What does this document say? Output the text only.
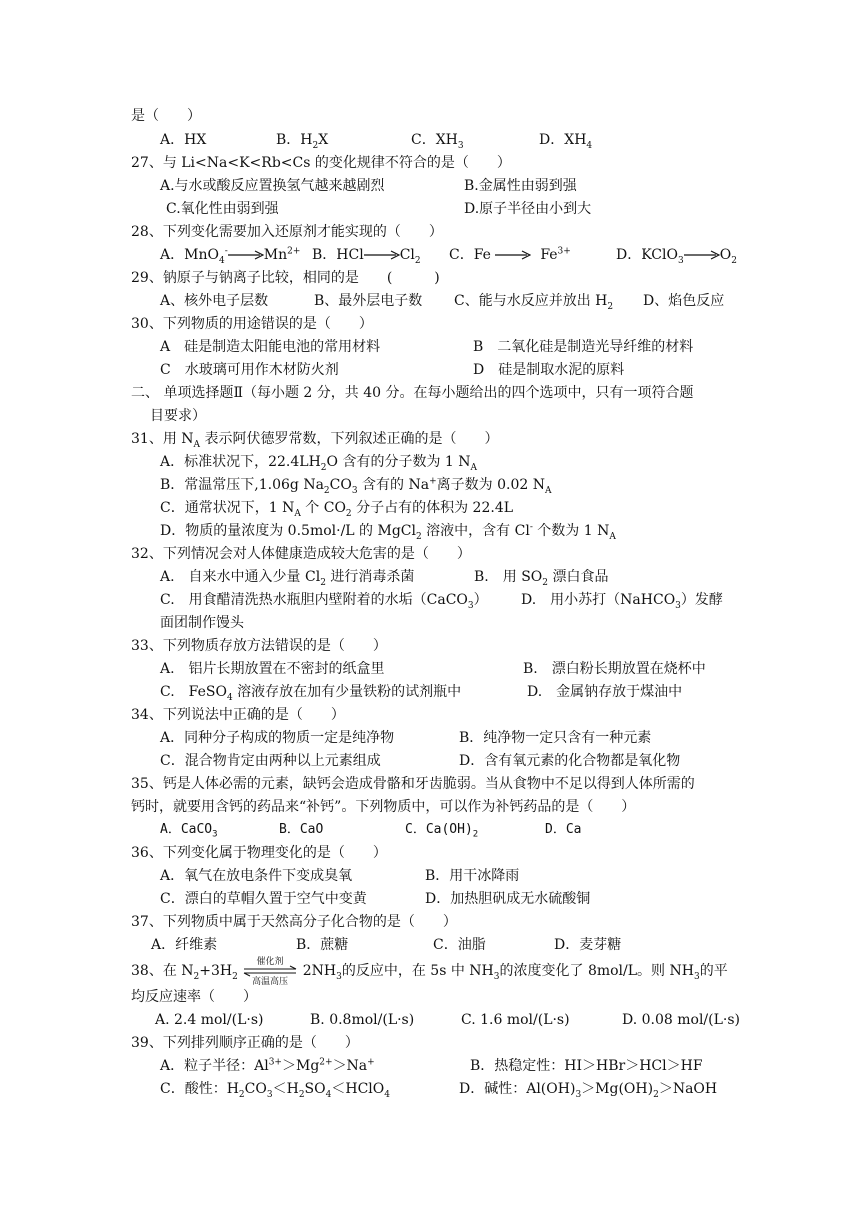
是（　　）
A．HX	B．$H_2X$	C．$XH_3$	D．$XH_4$
27、与 Li<Na<K<Rb<Cs 的变化规律不符合的是（　　）
A.与水或酸反应置换氢气越来越剧烈	B.金属性由弱到强
C.氧化性由弱到强	D.原子半径由小到大
28、下列变化需要加入还原剂才能实现的（　　）
A．$MnO_4^-\to Mn^{2+}$ B．$HCl\to Cl_2$ C．$Fe \to Fe^{3+}$	D．KClO$_3$ $\to O_2$
29、钠原子与钠离子比较，相同的是　　(　　　)
A、核外电子层数	B、最外层电子数 C、能与水反应并放出 $H_2$ D、焰色反应
30、下列物质的用途错误的是（　　）
A　硅是制造太阳能电池的常用材料	B　二氧化硅是制造光导纤维的材料
C　水玻璃可用作木材防火剂	D　硅是制取水泥的原料
二、 单项选择题Ⅱ（每小题 2 分，共 40 分。在每小题给出的四个选项中，只有一项符合题
目要求）
31、用 $N_A$ 表示阿伏德罗常数，下列叙述正确的是（　　）
A．标准状况下，$22.4LH_2O$ 含有的分子数为 1 $N_A$
B．常温常压下,1.06g $Na_2CO_3$ 含有的 Na+离子数为 0.02 $N_A$
C．通常状况下，1 $N_A$ 个 $CO_2$ 分子占有的体积为 22.4L
D．物质的量浓度为 0.5mol·/L 的 MgCl$_2$ 溶液中，含有 Cl- 个数为 1 $N_A$
32、下列情况会对人体健康造成较大危害的是（　　）
A.　自来水中通入少量 $Cl_2$ 进行消毒杀菌	B.　用 $SO_2$ 漂白食品
C.　用食醋清洗热水瓶胆内壁附着的水垢（CaCO$_3$） D.　用小苏打（NaHCO$_3$）发酵
面团制作馒头
33、下列物质存放方法错误的是（　　）
A.　铝片长期放置在不密封的纸盒里	B.　漂白粉长期放置在烧杯中
C.　FeSO$_4$ 溶液存放在加有少量铁粉的试剂瓶中	D.　金属钠存放于煤油中
34、下列说法中正确的是（　　）
A．同种分子构成的物质一定是纯净物	B．纯净物一定只含有一种元素
C．混合物肯定由两种以上元素组成	D．含有氧元素的化合物都是氧化物
35、钙是人体必需的元素，缺钙会造成骨骼和牙齿脆弱。当从食物中不足以得到人体所需的
钙时，就要用含钙的药品来“补钙”。下列物质中，可以作为补钙药品的是（　　）
A．CaCO$_3$	B．CaO	C．$Ca(OH)_2$	D．Ca
36、下列变化属于物理变化的是（　　）
A．氧气在放电条件下变成臭氧	B．用干冰降雨
C．漂白的草帽久置于空气中变黄	D．加热胆矾成无水硫酸铜
37、下列物质中属于天然高分子化合物的是（　　）
A．纤维素	B．蔗糖	C．油脂	D．麦芽糖
38、在 $N_2+3H_2$
催化剂
高温高压
$2NH_3$的反应中，在 5s 中 $NH_3$的浓度变化了 8mol/L。则 $NH_3$的平
均反应速率（　　）
A. 2.4 mol/(L·s)	B. 0.8mol/(L·s)	C. 1.6 mol/(L·s)	D. 0.08 mol/(L·s)
39、下列排列顺序正确的是（　　）
A．粒子半径：$Al^{3+}>Mg^{2+}>Na^+$	B．热稳定性：HI＞HBr＞HCl＞HF
C．酸性：$H_2CO_3<H_2SO_4<HClO_4$	D．碱性：$Al(OH)_3>Mg(OH)_2>NaOH$
